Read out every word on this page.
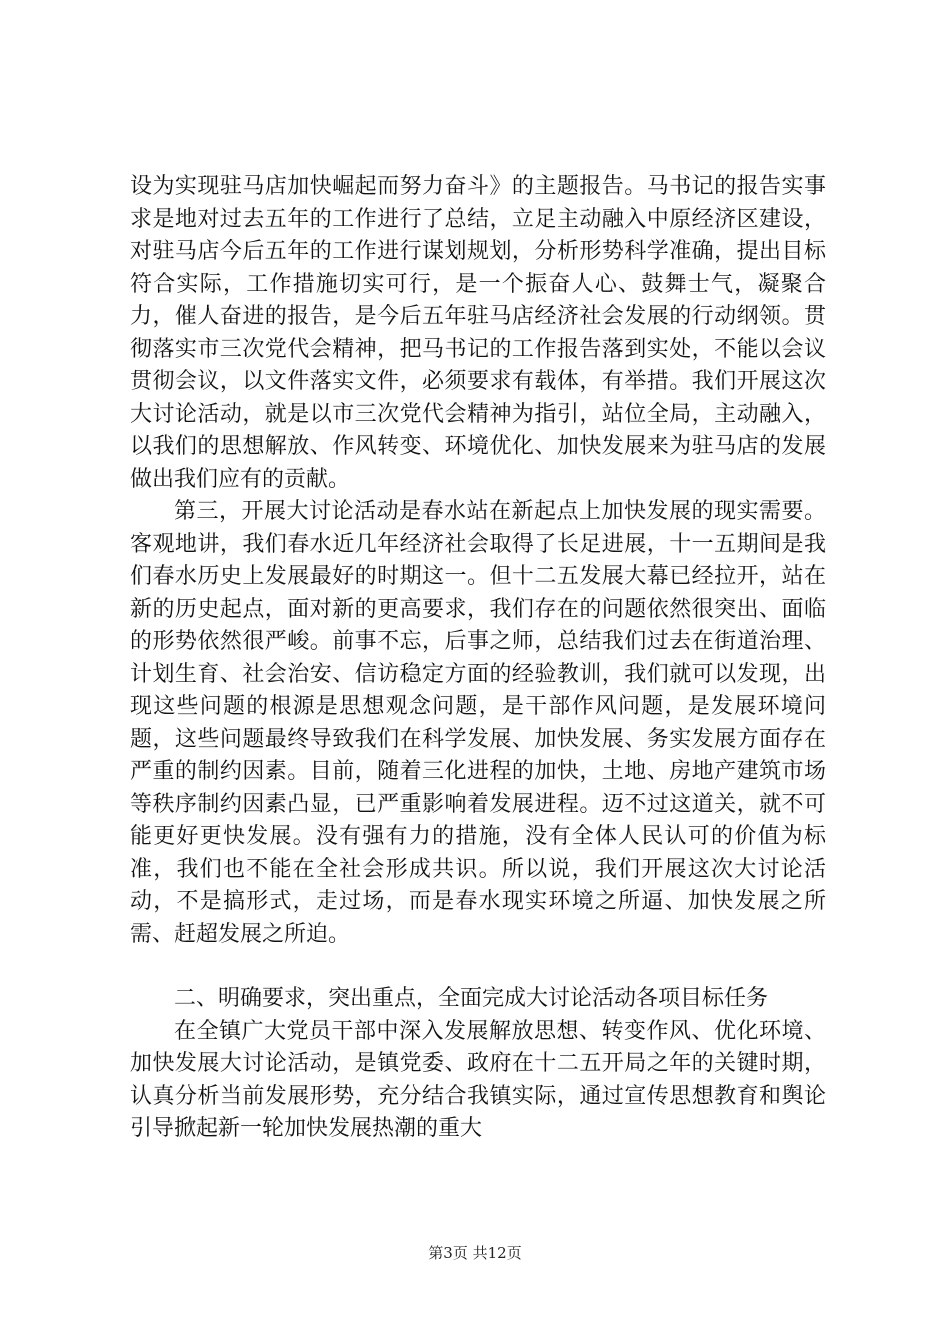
设为实现驻马店加快崛起而努力奋斗》的主题报告。马书记的报告实事求是地对过去五年的工作进行了总结，立足主动融入中原经济区建设，对驻马店今后五年的工作进行谋划规划，分析形势科学准确，提出目标符合实际，工作措施切实可行，是一个振奋人心、鼓舞士气，凝聚合力，催人奋进的报告，是今后五年驻马店经济社会发展的行动纲领。贯彻落实市三次党代会精神，把马书记的工作报告落到实处，不能以会议贯彻会议，以文件落实文件，必须要求有载体，有举措。我们开展这次大讨论活动，就是以市三次党代会精神为指引，站位全局，主动融入，以我们的思想解放、作风转变、环境优化、加快发展来为驻马店的发展做出我们应有的贡献。

第三，开展大讨论活动是春水站在新起点上加快发展的现实需要。客观地讲，我们春水近几年经济社会取得了长足进展，十一五期间是我们春水历史上发展最好的时期这一。但十二五发展大幕已经拉开，站在新的历史起点，面对新的更高要求，我们存在的问题依然很突出、面临的形势依然很严峻。前事不忘，后事之师，总结我们过去在街道治理、计划生育、社会治安、信访稳定方面的经验教训，我们就可以发现，出现这些问题的根源是思想观念问题，是干部作风问题，是发展环境问题，这些问题最终导致我们在科学发展、加快发展、务实发展方面存在严重的制约因素。目前，随着三化进程的加快，土地、房地产建筑市场等秩序制约因素凸显，已严重影响着发展进程。迈不过这道关，就不可能更好更快发展。没有强有力的措施，没有全体人民认可的价值为标准，我们也不能在全社会形成共识。所以说，我们开展这次大讨论活动，不是搞形式，走过场，而是春水现实环境之所逼、加快发展之所需、赶超发展之所迫。

二、明确要求，突出重点，全面完成大讨论活动各项目标任务

在全镇广大党员干部中深入发展解放思想、转变作风、优化环境、加快发展大讨论活动，是镇党委、政府在十二五开局之年的关键时期，认真分析当前发展形势，充分结合我镇实际，通过宣传思想教育和舆论引导掀起新一轮加快发展热潮的重大

第3页 共12页
